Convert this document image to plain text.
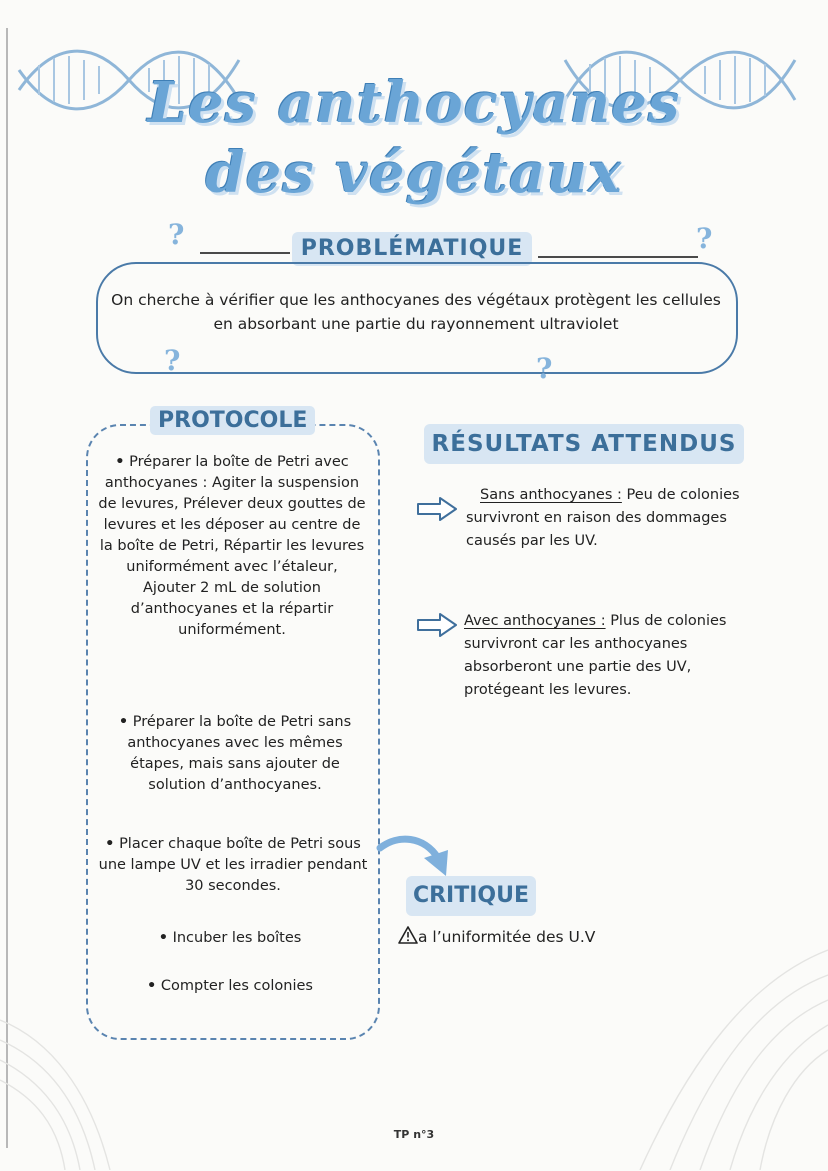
Les anthocyanes
des végétaux
?	?
PROBLÉMATIQUE
On cherche à vérifier que les anthocyanes des végétaux protègent les cellules
en absorbant une partie du rayonnement ultraviolet
?	?
PROTOCOLE
• Préparer la boîte de Petri avec anthocyanes : Agiter la suspension de levures, Prélever deux gouttes de levures et les déposer au centre de la boîte de Petri, Répartir les levures uniformément avec l’étaleur, Ajouter 2 mL de solution d’anthocyanes et la répartir uniformément.
• Préparer la boîte de Petri sans anthocyanes avec les mêmes étapes, mais sans ajouter de solution d’anthocyanes.
• Placer chaque boîte de Petri sous une lampe UV et les irradier pendant 30 secondes.
• Incuber les boîtes
• Compter les colonies
RÉSULTATS ATTENDUS
Sans anthocyanes : Peu de colonies survivront en raison des dommages causés par les UV.
Avec anthocyanes : Plus de colonies survivront car les anthocyanes absorberont une partie des UV, protégeant les levures.
CRITIQUE
a l’uniformitée des U.V
TP n°3
